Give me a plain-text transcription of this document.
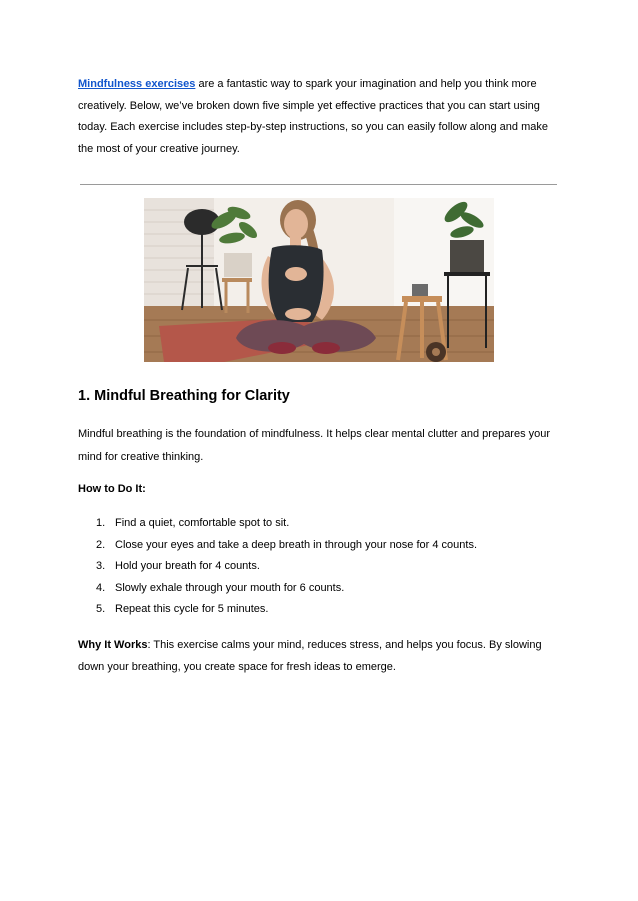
Mindfulness exercises are a fantastic way to spark your imagination and help you think more creatively. Below, we’ve broken down five simple yet effective practices that you can start using today. Each exercise includes step-by-step instructions, so you can easily follow along and make the most of your creative journey.

1. Mindful Breathing for Clarity

Mindful breathing is the foundation of mindfulness. It helps clear mental clutter and prepares your mind for creative thinking.

How to Do It:

1. Find a quiet, comfortable spot to sit.
2. Close your eyes and take a deep breath in through your nose for 4 counts.
3. Hold your breath for 4 counts.
4. Slowly exhale through your mouth for 6 counts.
5. Repeat this cycle for 5 minutes.

Why It Works: This exercise calms your mind, reduces stress, and helps you focus. By slowing down your breathing, you create space for fresh ideas to emerge.
